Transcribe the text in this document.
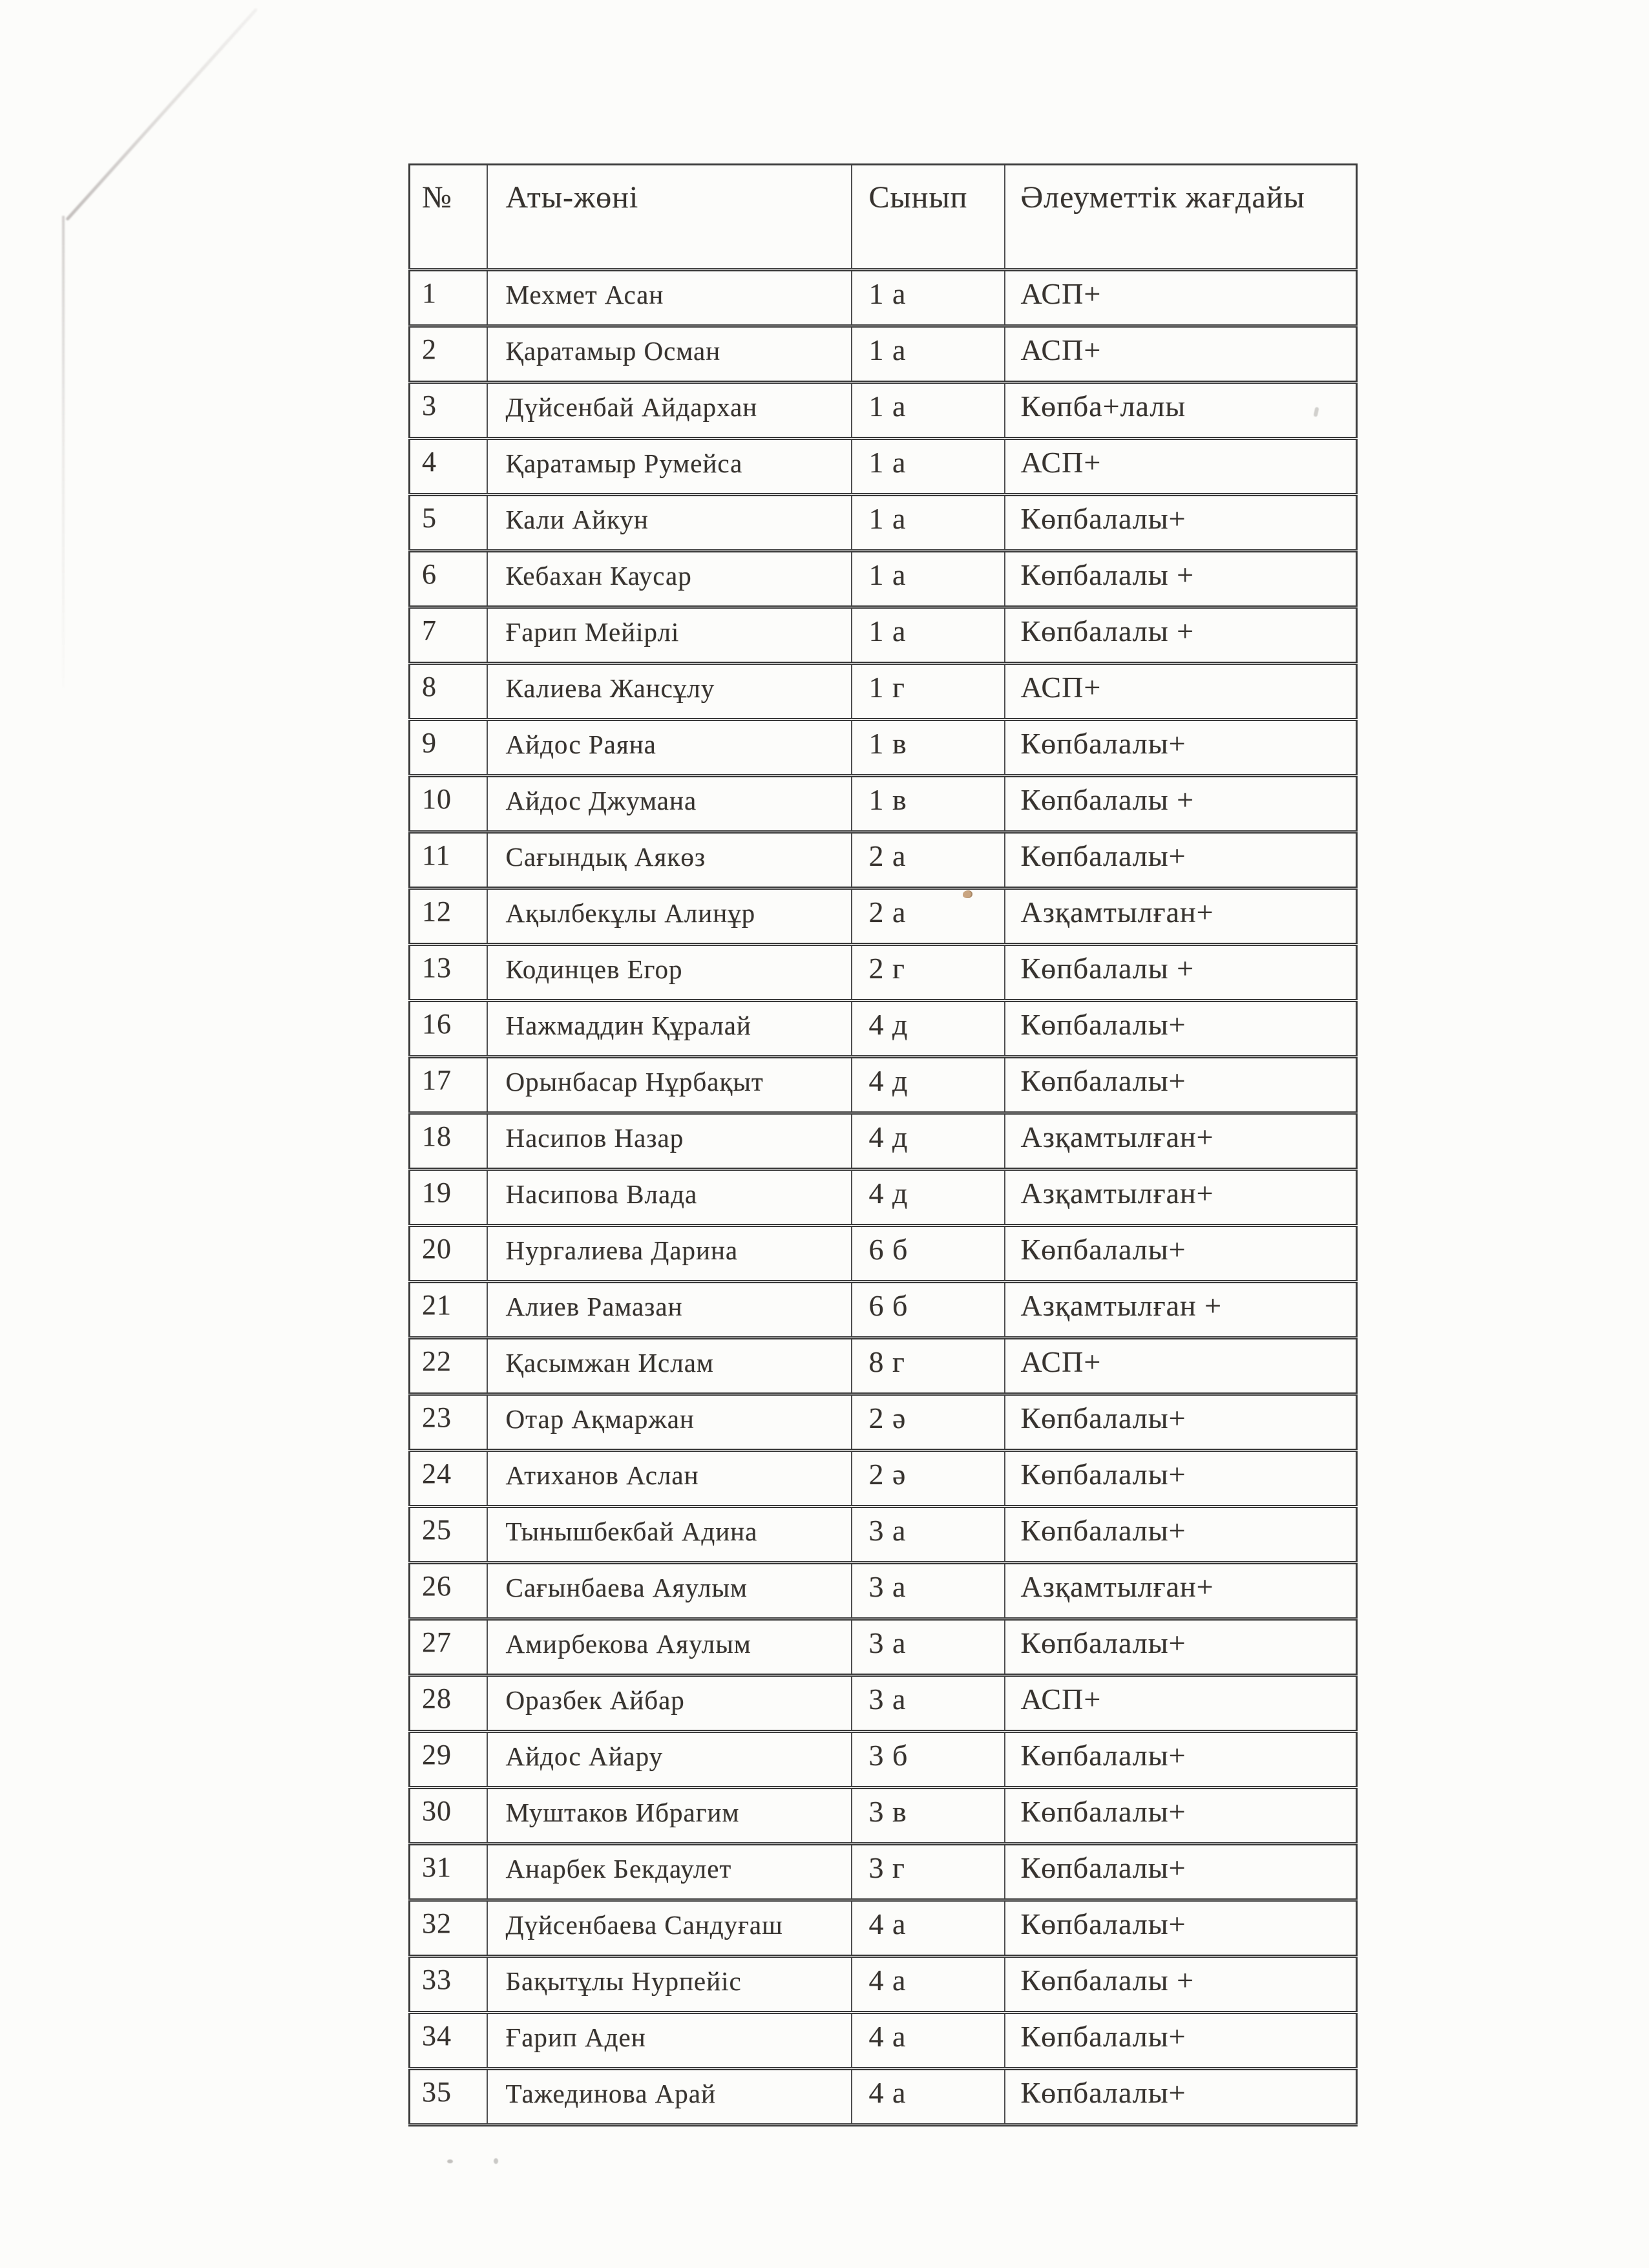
№	Аты-жөні	Сынып	Әлеуметтік жағдайы
1	Мехмет Асан	1 а	АСП+
2	Қаратамыр Осман	1 а	АСП+
3	Дүйсенбай Айдархан	1 а	Көпба+лалы
4	Қаратамыр Румейса	1 а	АСП+
5	Кали Айкун	1 а	Көпбалалы+
6	Кебахан Каусар	1 а	Көпбалалы +
7	Ғарип Мейірлі	1 а	Көпбалалы +
8	Калиева Жансұлу	1 г	АСП+
9	Айдос Раяна	1 в	Көпбалалы+
10	Айдос Джумана	1 в	Көпбалалы +
11	Сағындық Аякөз	2 а	Көпбалалы+
12	Ақылбекұлы Алинұр	2 а	Азқамтылған+
13	Кодинцев Егор	2 г	Көпбалалы +
16	Нажмаддин Құралай	4 д	Көпбалалы+
17	Орынбасар Нұрбақыт	4 д	Көпбалалы+
18	Насипов Назар	4 д	Азқамтылған+
19	Насипова Влада	4 д	Азқамтылған+
20	Нургалиева Дарина	6 б	Көпбалалы+
21	Алиев Рамазан	6 б	Азқамтылған +
22	Қасымжан Ислам	8 г	АСП+
23	Отар Ақмаржан	2 ә	Көпбалалы+
24	Атиханов Аслан	2 ә	Көпбалалы+
25	Тынышбекбай Адина	3 а	Көпбалалы+
26	Сағынбаева Аяулым	3 а	Азқамтылған+
27	Амирбекова Аяулым	3 а	Көпбалалы+
28	Оразбек Айбар	3 а	АСП+
29	Айдос Айару	3 б	Көпбалалы+
30	Муштаков Ибрагим	3 в	Көпбалалы+
31	Анарбек Бекдаулет	3 г	Көпбалалы+
32	Дүйсенбаева Сандуғаш	4 а	Көпбалалы+
33	Бақытұлы Нурпейіс	4 а	Көпбалалы +
34	Ғарип Аден	4 а	Көпбалалы+
35	Тажединова Арай	4 а	Көпбалалы+
